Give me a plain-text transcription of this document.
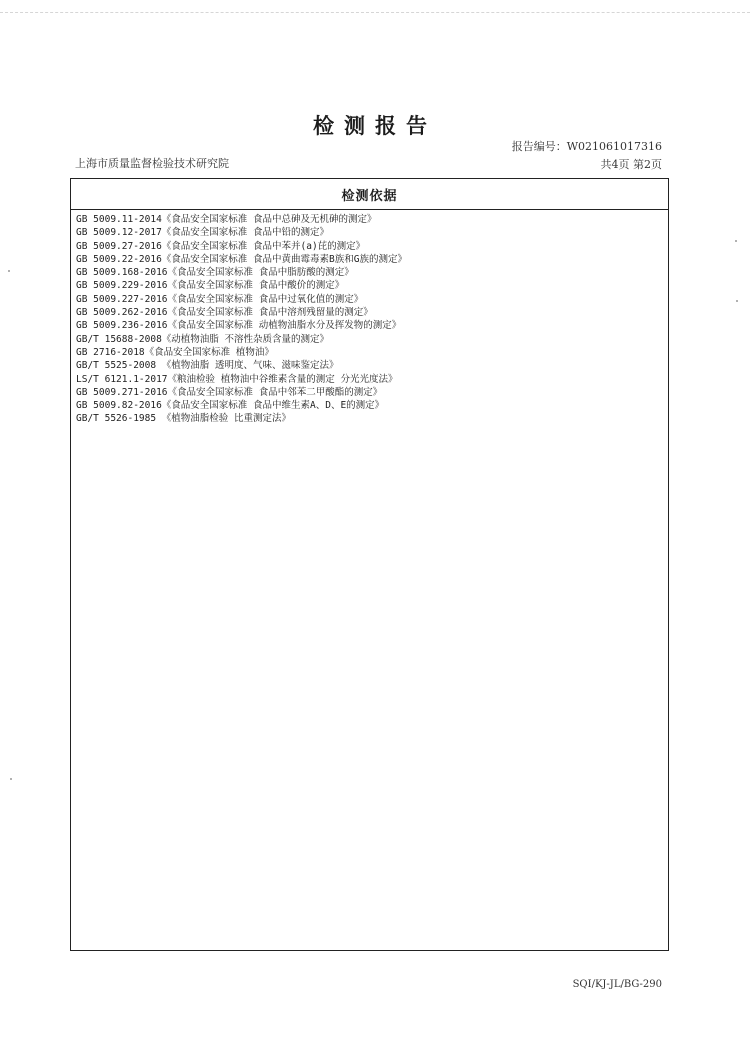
检测报告
报告编号：W021061017316
上海市质量监督检验技术研究院	共4页 第2页
检测依据
GB 5009.11-2014《食品安全国家标准 食品中总砷及无机砷的测定》
GB 5009.12-2017《食品安全国家标准 食品中铅的测定》
GB 5009.27-2016《食品安全国家标准 食品中苯并(a)芘的测定》
GB 5009.22-2016《食品安全国家标准 食品中黄曲霉毒素B族和G族的测定》
GB 5009.168-2016《食品安全国家标准 食品中脂肪酸的测定》
GB 5009.229-2016《食品安全国家标准 食品中酸价的测定》
GB 5009.227-2016《食品安全国家标准 食品中过氧化值的测定》
GB 5009.262-2016《食品安全国家标准 食品中溶剂残留量的测定》
GB 5009.236-2016《食品安全国家标准 动植物油脂水分及挥发物的测定》
GB/T 15688-2008《动植物油脂 不溶性杂质含量的测定》
GB 2716-2018《食品安全国家标准 植物油》
GB/T 5525-2008 《植物油脂 透明度、气味、滋味鉴定法》
LS/T 6121.1-2017《粮油检验 植物油中谷维素含量的测定 分光光度法》
GB 5009.271-2016《食品安全国家标准 食品中邻苯二甲酸酯的测定》
GB 5009.82-2016《食品安全国家标准 食品中维生素A、D、E的测定》
GB/T 5526-1985 《植物油脂检验 比重测定法》
SQI/KJ-JL/BG-290
